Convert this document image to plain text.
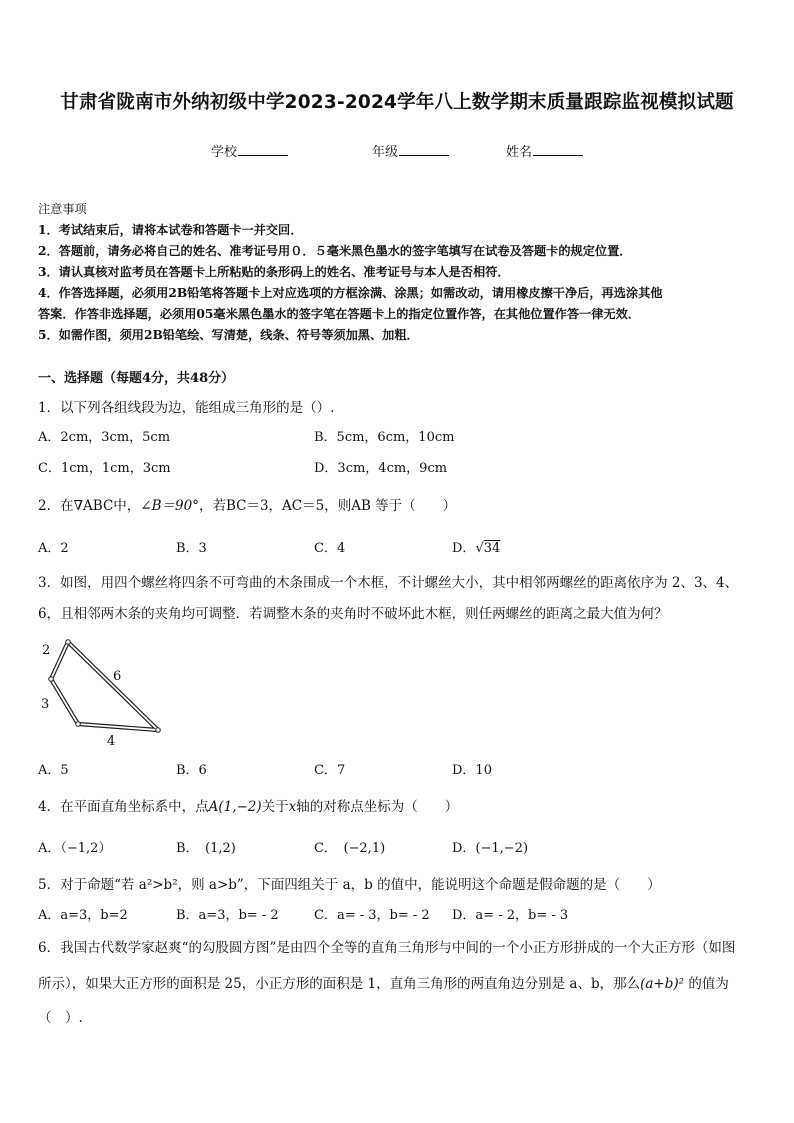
甘肃省陇南市外纳初级中学2023-2024学年八上数学期末质量跟踪监视模拟试题
学校	年级	姓名
注意事项
1．考试结束后，请将本试卷和答题卡一并交回．
2．答题前，请务必将自己的姓名、准考证号用０．５毫米黑色墨水的签字笔填写在试卷及答题卡的规定位置．
3．请认真核对监考员在答题卡上所粘贴的条形码上的姓名、准考证号与本人是否相符．
4．作答选择题，必须用2B铅笔将答题卡上对应选项的方框涂满、涂黑；如需改动，请用橡皮擦干净后，再选涂其他
答案．作答非选择题，必须用05毫米黑色墨水的签字笔在答题卡上的指定位置作答，在其他位置作答一律无效．
5．如需作图，须用2B铅笔绘、写清楚，线条、符号等须加黑、加粗．
一、选择题（每题4分，共48分）
1．以下列各组线段为边，能组成三角形的是（）.
A．2cm，3cm，5cm	B．5cm，6cm，10cm
C．1cm，1cm，3cm	D．3cm，4cm，9cm
2．在∇ABC中，∠B＝90°，若BC＝3，AC＝5，则AB 等于（　　）
A．2	B．3	C．4	D．√34
3．如图，用四个螺丝将四条不可弯曲的木条围成一个木框，不计螺丝大小，其中相邻两螺丝的距离依序为 2、3、4、
6，且相邻两木条的夹角均可调整．若调整木条的夹角时不破坏此木框，则任两螺丝的距离之最大值为何？
2
3
6
4
A．5	B．6	C．7	D．10
4．在平面直角坐标系中，点A(1,−2)关于x轴的对称点坐标为（　　）
A．（−1,2）	B．　(1,2)	C．　(−2,1)	D．(−1,−2)
5．对于命题“若 a²>b²，则 a>b”，下面四组关于 a，b 的值中，能说明这个命题是假命题的是（　　）
A．a=3，b=2	B．a=3，b= - 2	C．a= - 3，b= - 2 D．a= - 2，b= - 3
6．我国古代数学家赵爽“的勾股圆方图”是由四个全等的直角三角形与中间的一个小正方形拼成的一个大正方形（如图
所示），如果大正方形的面积是 25，小正方形的面积是 1，直角三角形的两直角边分别是 a、b，那么(a+b)² 的值为
（　）.
